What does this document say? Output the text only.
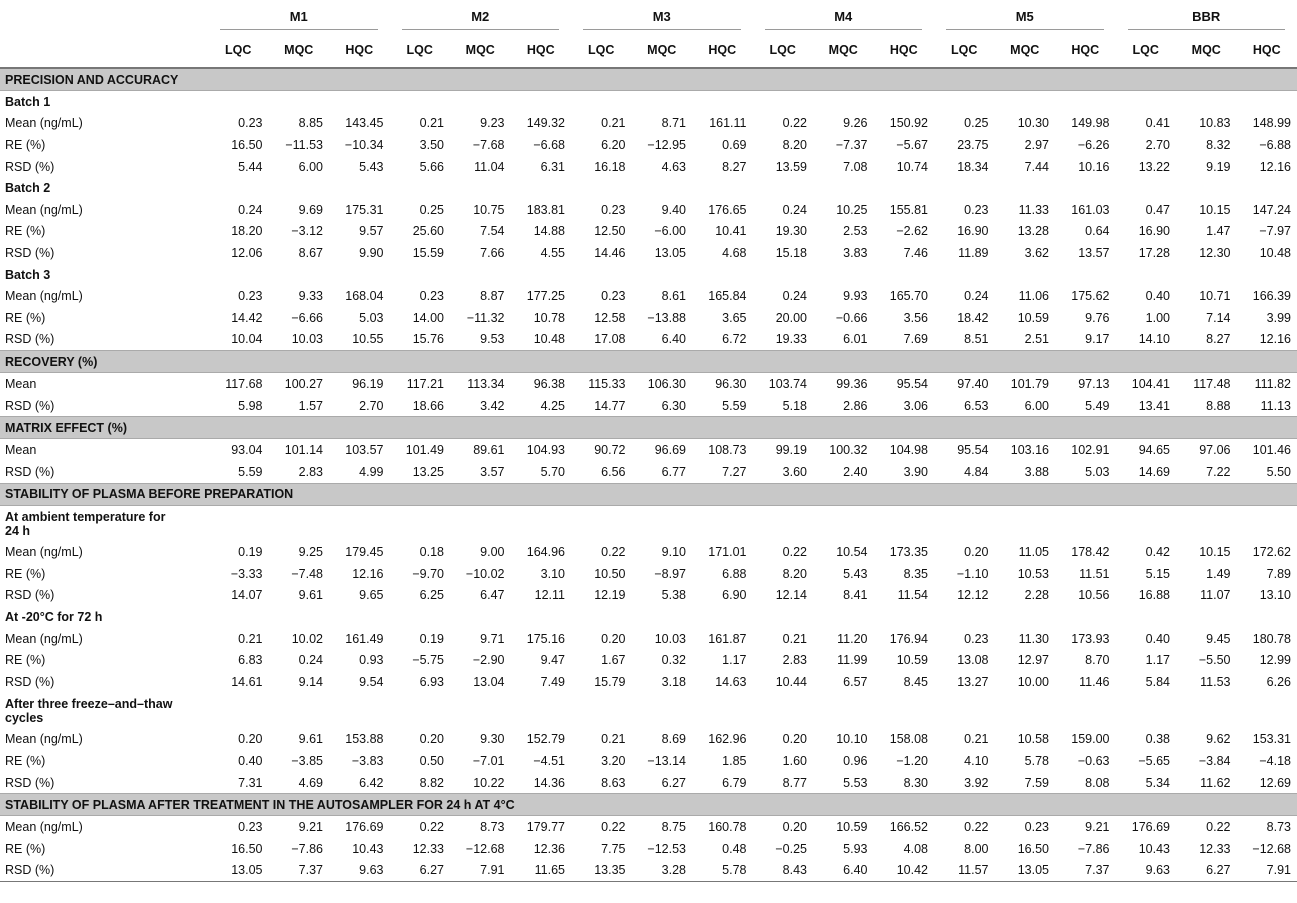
	M1			M2			M3			M4			M5			BBR		

	LQC	MQC	HQC	LQC	MQC	HQC	LQC	MQC	HQC	LQC	MQC	HQC	LQC	MQC	HQC	LQC	MQC	HQC
PRECISION AND ACCURACY																		
Batch 1																		
Mean (ng/mL)	0.23	8.85	143.45	0.21	9.23	149.32	0.21	8.71	161.11	0.22	9.26	150.92	0.25	10.30	149.98	0.41	10.83	148.99
RE (%)	16.50	−11.53	−10.34	3.50	−7.68	−6.68	6.20	−12.95	0.69	8.20	−7.37	−5.67	23.75	2.97	−6.26	2.70	8.32	−6.88
RSD (%)	5.44	6.00	5.43	5.66	11.04	6.31	16.18	4.63	8.27	13.59	7.08	10.74	18.34	7.44	10.16	13.22	9.19	12.16
Batch 2																		
Mean (ng/mL)	0.24	9.69	175.31	0.25	10.75	183.81	0.23	9.40	176.65	0.24	10.25	155.81	0.23	11.33	161.03	0.47	10.15	147.24
RE (%)	18.20	−3.12	9.57	25.60	7.54	14.88	12.50	−6.00	10.41	19.30	2.53	−2.62	16.90	13.28	0.64	16.90	1.47	−7.97
RSD (%)	12.06	8.67	9.90	15.59	7.66	4.55	14.46	13.05	4.68	15.18	3.83	7.46	11.89	3.62	13.57	17.28	12.30	10.48
Batch 3																		
Mean (ng/mL)	0.23	9.33	168.04	0.23	8.87	177.25	0.23	8.61	165.84	0.24	9.93	165.70	0.24	11.06	175.62	0.40	10.71	166.39
RE (%)	14.42	−6.66	5.03	14.00	−11.32	10.78	12.58	−13.88	3.65	20.00	−0.66	3.56	18.42	10.59	9.76	1.00	7.14	3.99
RSD (%)	10.04	10.03	10.55	15.76	9.53	10.48	17.08	6.40	6.72	19.33	6.01	7.69	8.51	2.51	9.17	14.10	8.27	12.16
RECOVERY (%)																		
Mean	117.68	100.27	96.19	117.21	113.34	96.38	115.33	106.30	96.30	103.74	99.36	95.54	97.40	101.79	97.13	104.41	117.48	111.82
RSD (%)	5.98	1.57	2.70	18.66	3.42	4.25	14.77	6.30	5.59	5.18	2.86	3.06	6.53	6.00	5.49	13.41	8.88	11.13
MATRIX EFFECT (%)																		
Mean	93.04	101.14	103.57	101.49	89.61	104.93	90.72	96.69	108.73	99.19	100.32	104.98	95.54	103.16	102.91	94.65	97.06	101.46
RSD (%)	5.59	2.83	4.99	13.25	3.57	5.70	6.56	6.77	7.27	3.60	2.40	3.90	4.84	3.88	5.03	14.69	7.22	5.50
STABILITY OF PLASMA BEFORE PREPARATION																		
At ambient temperature for																		
24 h																		
Mean (ng/mL)	0.19	9.25	179.45	0.18	9.00	164.96	0.22	9.10	171.01	0.22	10.54	173.35	0.20	11.05	178.42	0.42	10.15	172.62
RE (%)	−3.33	−7.48	12.16	−9.70	−10.02	3.10	10.50	−8.97	6.88	8.20	5.43	8.35	−1.10	10.53	11.51	5.15	1.49	7.89
RSD (%)	14.07	9.61	9.65	6.25	6.47	12.11	12.19	5.38	6.90	12.14	8.41	11.54	12.12	2.28	10.56	16.88	11.07	13.10
At -20°C for 72 h																		
Mean (ng/mL)	0.21	10.02	161.49	0.19	9.71	175.16	0.20	10.03	161.87	0.21	11.20	176.94	0.23	11.30	173.93	0.40	9.45	180.78
RE (%)	6.83	0.24	0.93	−5.75	−2.90	9.47	1.67	0.32	1.17	2.83	11.99	10.59	13.08	12.97	8.70	1.17	−5.50	12.99
RSD (%)	14.61	9.14	9.54	6.93	13.04	7.49	15.79	3.18	14.63	10.44	6.57	8.45	13.27	10.00	11.46	5.84	11.53	6.26
After three freeze–and–thaw																		
cycles																		
Mean (ng/mL)	0.20	9.61	153.88	0.20	9.30	152.79	0.21	8.69	162.96	0.20	10.10	158.08	0.21	10.58	159.00	0.38	9.62	153.31
RE (%)	0.40	−3.85	−3.83	0.50	−7.01	−4.51	3.20	−13.14	1.85	1.60	0.96	−1.20	4.10	5.78	−0.63	−5.65	−3.84	−4.18
RSD (%)	7.31	4.69	6.42	8.82	10.22	14.36	8.63	6.27	6.79	8.77	5.53	8.30	3.92	7.59	8.08	5.34	11.62	12.69
STABILITY OF PLASMA AFTER TREATMENT IN THE AUTOSAMPLER FOR 24 h AT 4°C																		
Mean (ng/mL)	0.23	9.21	176.69	0.22	8.73	179.77	0.22	8.75	160.78	0.20	10.59	166.52	0.22	0.23	9.21	176.69	0.22	8.73
RE (%)	16.50	−7.86	10.43	12.33	−12.68	12.36	7.75	−12.53	0.48	−0.25	5.93	4.08	8.00	16.50	−7.86	10.43	12.33	−12.68
RSD (%)	13.05	7.37	9.63	6.27	7.91	11.65	13.35	3.28	5.78	8.43	6.40	10.42	11.57	13.05	7.37	9.63	6.27	7.91
